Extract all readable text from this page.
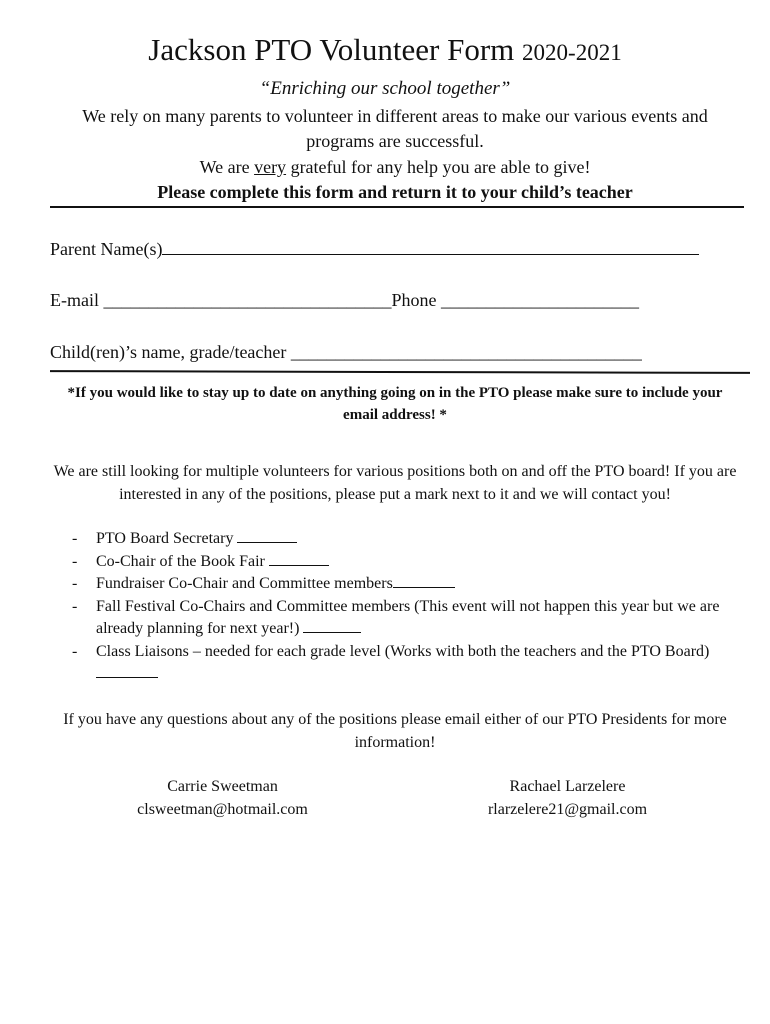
Jackson PTO Volunteer Form 2020-2021
“Enriching our school together”
We rely on many parents to volunteer in different areas to make our various events and programs are successful.
We are very grateful for any help you are able to give!
Please complete this form and return it to your child’s teacher
Parent Name(s)
E-mail ________________________________Phone ______________________
Child(ren)’s name, grade/teacher _______________________________________
*If you would like to stay up to date on anything going on in the PTO please make sure to include your email address! *
We are still looking for multiple volunteers for various positions both on and off the PTO board! If you are interested in any of the positions, please put a mark next to it and we will contact you!
- PTO Board Secretary
- Co-Chair of the Book Fair
- Fundraiser Co-Chair and Committee members
- Fall Festival Co-Chairs and Committee members (This event will not happen this year but we are already planning for next year!)
- Class Liaisons – needed for each grade level (Works with both the teachers and the PTO Board)
If you have any questions about any of the positions please email either of our PTO Presidents for more information!
Carrie Sweetman
clsweetman@hotmail.com
Rachael Larzelere
rlarzelere21@gmail.com
